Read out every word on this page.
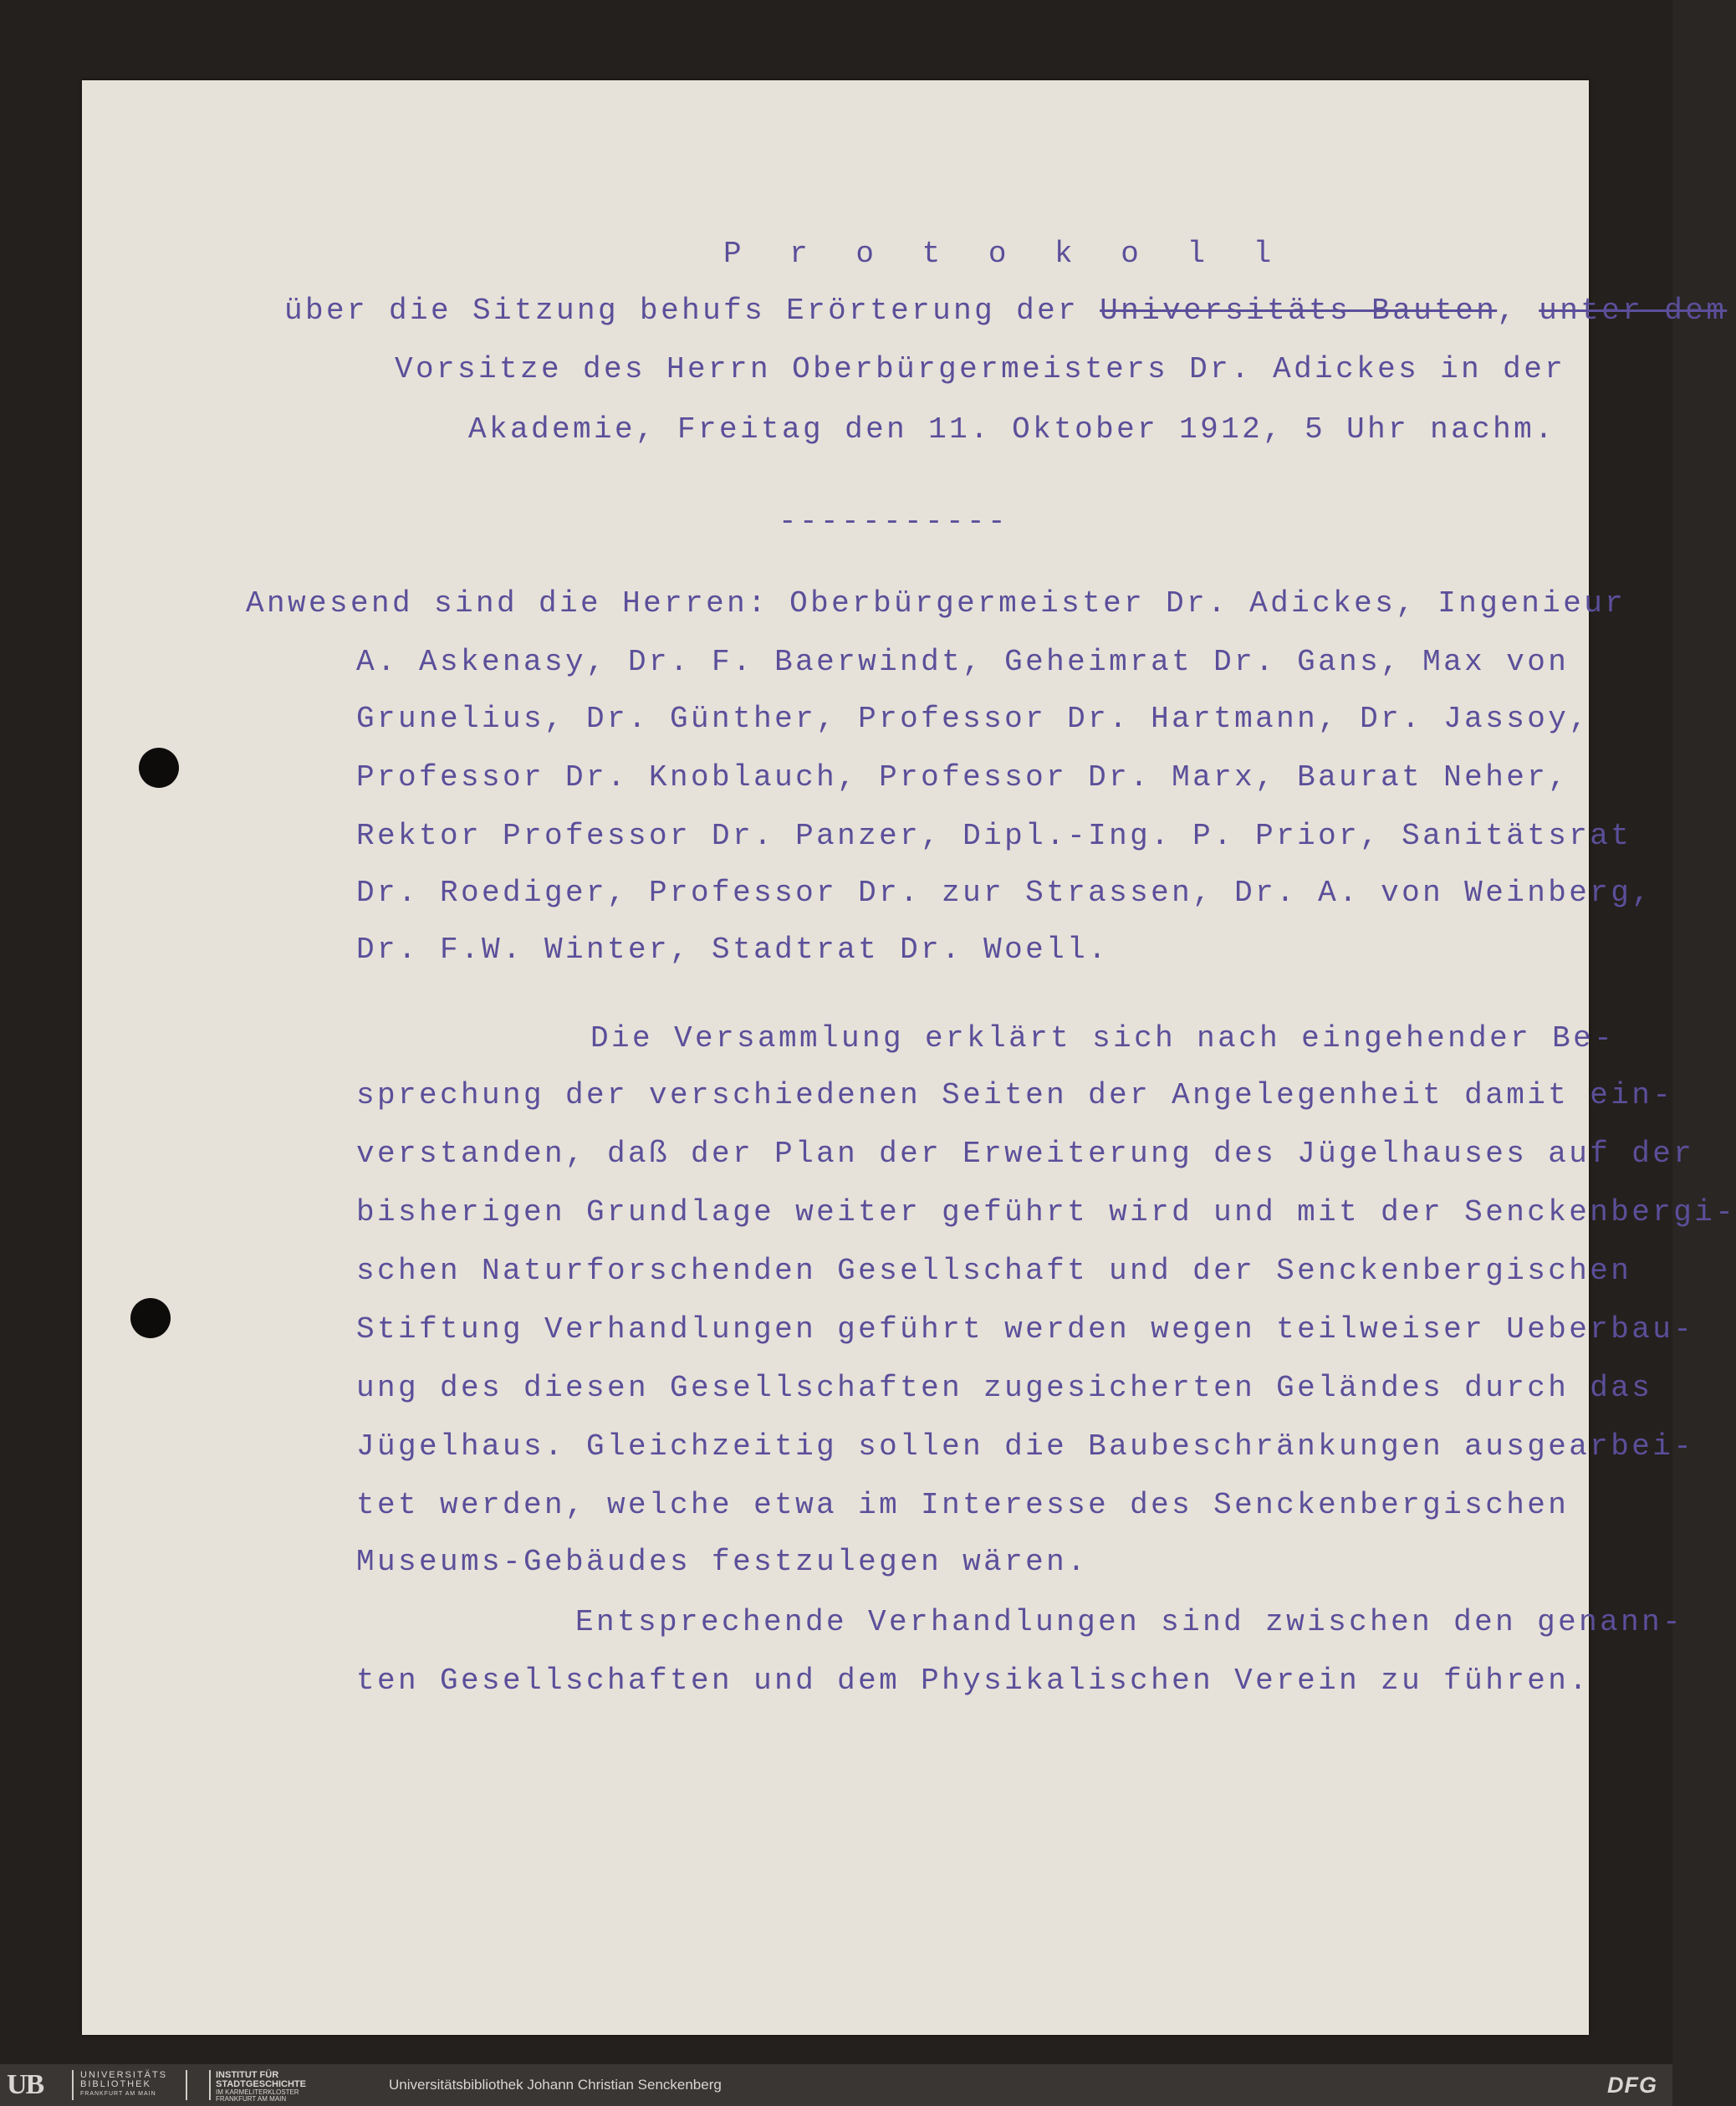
P r o t o k o l l
über die Sitzung behufs Erörterung der Universitäts-Bauten, unter dem
Vorsitze des Herrn Oberbürgermeisters Dr. Adickes in der
Akademie, Freitag den 11. Oktober 1912, 5 Uhr nachm.
-----------
Anwesend sind die Herren: Oberbürgermeister Dr. Adickes, Ingenieur
A. Askenasy, Dr. F. Baerwindt, Geheimrat Dr. Gans, Max von
Grunelius, Dr. Günther, Professor Dr. Hartmann, Dr. Jassoy,
Professor Dr. Knoblauch, Professor Dr. Marx, Baurat Neher,
Rektor Professor Dr. Panzer, Dipl.-Ing. P. Prior, Sanitätsrat
Dr. Roediger, Professor Dr. zur Strassen, Dr. A. von Weinberg,
Dr. F.W. Winter, Stadtrat Dr. Woell.
Die Versammlung erklärt sich nach eingehender Be-
sprechung der verschiedenen Seiten der Angelegenheit damit ein-
verstanden, daß der Plan der Erweiterung des Jügelhauses auf der
bisherigen Grundlage weiter geführt wird und mit der Senckenbergi-
schen Naturforschenden Gesellschaft und der Senckenbergischen
Stiftung Verhandlungen geführt werden wegen teilweiser Ueberbau-
ung des diesen Gesellschaften zugesicherten Geländes durch das
Jügelhaus. Gleichzeitig sollen die Baubeschränkungen ausgearbei-
tet werden, welche etwa im Interesse des Senckenbergischen
Museums-Gebäudes festzulegen wären.
Entsprechende Verhandlungen sind zwischen den genann-
ten Gesellschaften und dem Physikalischen Verein zu führen.
UB	UNIVERSITÄTS
BIBLIOTHEK
FRANKFURT AM MAIN
INSTITUT FÜR
STADTGESCHICHTE
IM KARMELITERKLOSTER
FRANKFURT AM MAIN
Universitätsbibliothek Johann Christian Senckenberg	DFG
